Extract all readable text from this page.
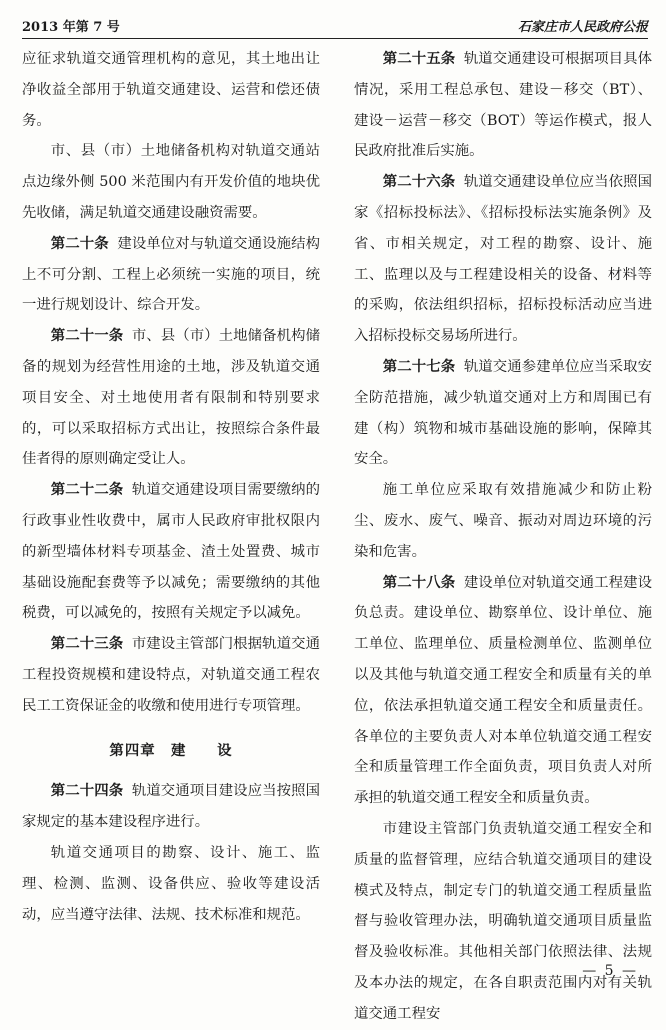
2013 年第 7 号	石家庄市人民政府公报

应征求轨道交通管理机构的意见，其土地出让净收益全部用于轨道交通建设、运营和偿还债务。

市、县（市）土地储备机构对轨道交通站点边缘外侧 500 米范围内有开发价值的地块优先收储，满足轨道交通建设融资需要。

第二十条 建设单位对与轨道交通设施结构上不可分割、工程上必须统一实施的项目，统一进行规划设计、综合开发。

第二十一条 市、县（市）土地储备机构储备的规划为经营性用途的土地，涉及轨道交通项目安全、对土地使用者有限制和特别要求的，可以采取招标方式出让，按照综合条件最佳者得的原则确定受让人。

第二十二条 轨道交通建设项目需要缴纳的行政事业性收费中，属市人民政府审批权限内的新型墙体材料专项基金、渣土处置费、城市基础设施配套费等予以减免；需要缴纳的其他税费，可以减免的，按照有关规定予以减免。

第二十三条 市建设主管部门根据轨道交通工程投资规模和建设特点，对轨道交通工程农民工工资保证金的收缴和使用进行专项管理。

第四章　建　　设

第二十四条 轨道交通项目建设应当按照国家规定的基本建设程序进行。

轨道交通项目的勘察、设计、施工、监理、检测、监测、设备供应、验收等建设活动，应当遵守法律、法规、技术标准和规范。

第二十五条 轨道交通建设可根据项目具体情况，采用工程总承包、建设－移交（BT）、建设－运营－移交（BOT）等运作模式，报人民政府批准后实施。

第二十六条 轨道交通建设单位应当依照国家《招标投标法》、《招标投标法实施条例》及省、市相关规定，对工程的勘察、设计、施工、监理以及与工程建设相关的设备、材料等的采购，依法组织招标，招标投标活动应当进入招标投标交易场所进行。

第二十七条 轨道交通参建单位应当采取安全防范措施，减少轨道交通对上方和周围已有建（构）筑物和城市基础设施的影响，保障其安全。

施工单位应采取有效措施减少和防止粉尘、废水、废气、噪音、振动对周边环境的污染和危害。

第二十八条 建设单位对轨道交通工程建设负总责。建设单位、勘察单位、设计单位、施工单位、监理单位、质量检测单位、监测单位以及其他与轨道交通工程安全和质量有关的单位，依法承担轨道交通工程安全和质量责任。各单位的主要负责人对本单位轨道交通工程安全和质量管理工作全面负责，项目负责人对所承担的轨道交通工程安全和质量负责。

市建设主管部门负责轨道交通工程安全和质量的监督管理，应结合轨道交通项目的建设模式及特点，制定专门的轨道交通工程质量监督与验收管理办法，明确轨道交通项目质量监督及验收标准。其他相关部门依照法律、法规及本办法的规定，在各自职责范围内对有关轨道交通工程安

— 5 —
